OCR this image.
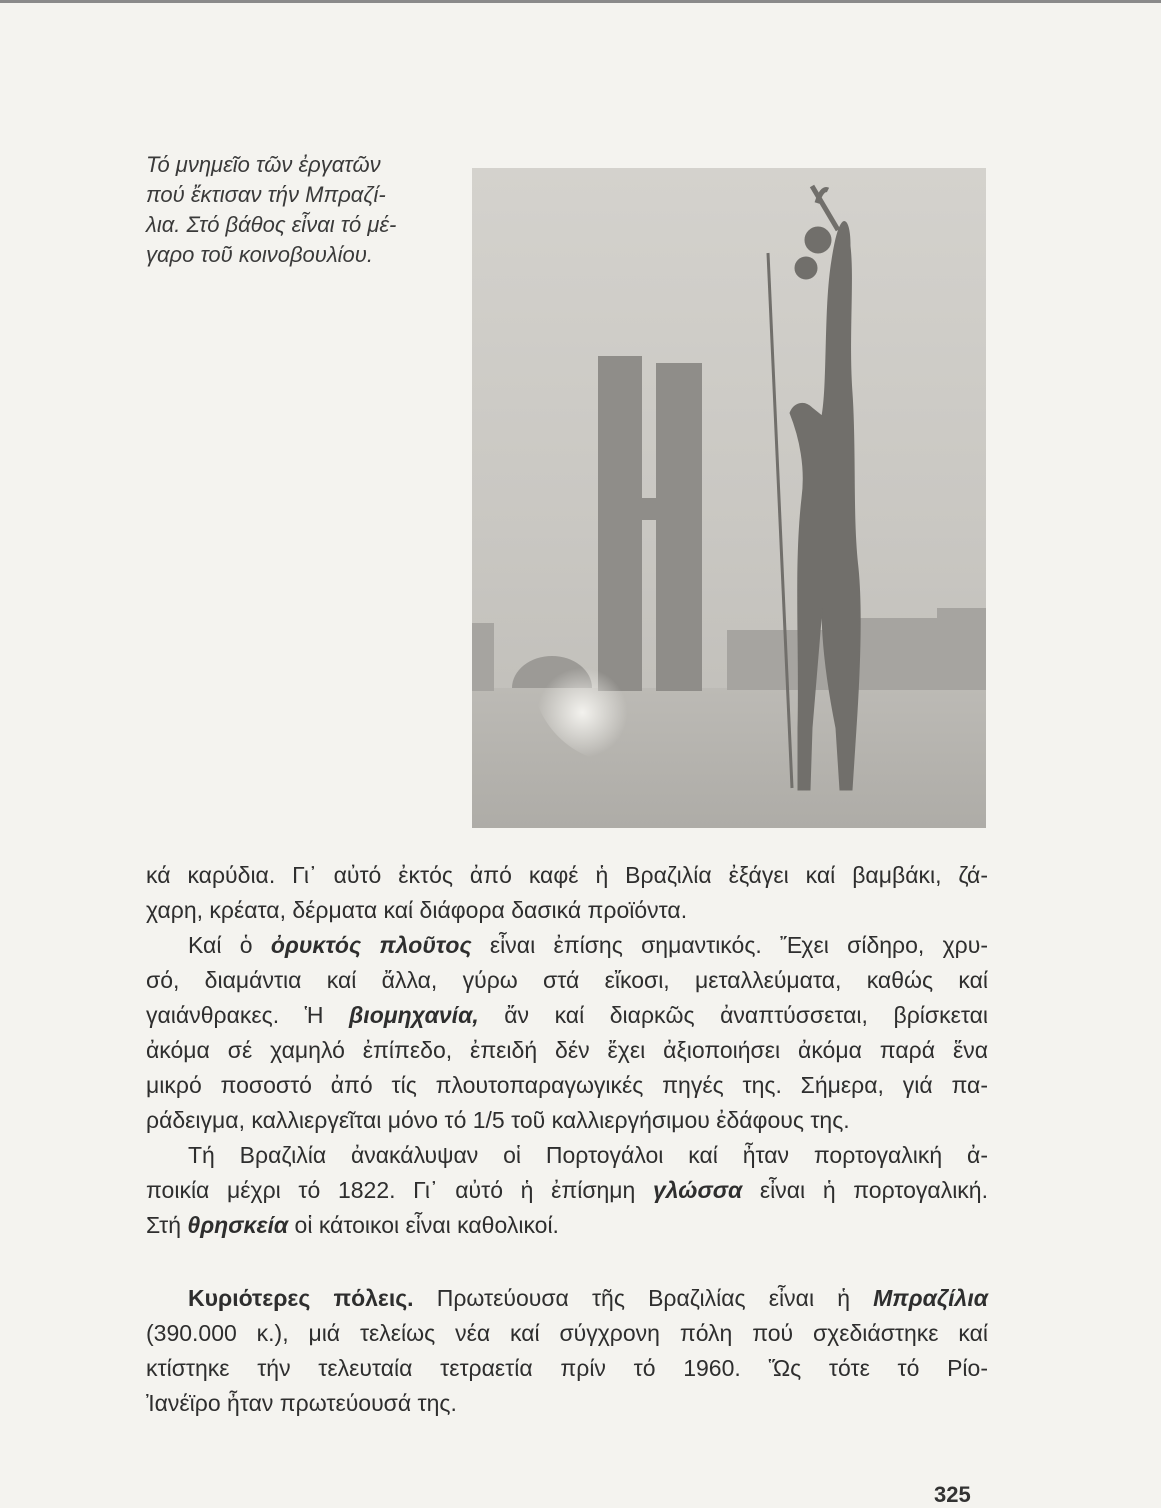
Τό μνημεῖο τῶν ἐργατῶν
πού ἔκτισαν τήν Μπραζί-
λια. Στό βάθος εἶναι τό μέ-
γαρο τοῦ κοινοβουλίου.

κά καρύδια. Γι᾿ αὐτό ἐκτός ἀπό καφέ ἡ Βραζιλία ἐξάγει καί βαμβάκι, ζά-
χαρη, κρέατα, δέρματα καί διάφορα δασικά προϊόντα.

Καί ὁ ὀρυκτός πλοῦτος εἶναι ἐπίσης σημαντικός. Ἔχει σίδηρο, χρυ-
σό, διαμάντια καί ἄλλα, γύρω στά εἴκοσι, μεταλλεύματα, καθώς καί
γαιάνθρακες. Ἡ βιομηχανία, ἄν καί διαρκῶς ἀναπτύσσεται, βρίσκεται
ἀκόμα σέ χαμηλό ἐπίπεδο, ἐπειδή δέν ἔχει ἀξιοποιήσει ἀκόμα παρά ἕνα
μικρό ποσοστό ἀπό τίς πλουτοπαραγωγικές πηγές της. Σήμερα, γιά πα-
ράδειγμα, καλλιεργεῖται μόνο τό 1/5 τοῦ καλλιεργήσιμου ἐδάφους της.

Τή Βραζιλία ἀνακάλυψαν οἱ Πορτογάλοι καί ἦταν πορτογαλική ἀ-
ποικία μέχρι τό 1822. Γι᾿ αὐτό ἡ ἐπίσημη γλώσσα εἶναι ἡ πορτογαλική.
Στή θρησκεία οἱ κάτοικοι εἶναι καθολικοί.

Κυριότερες πόλεις. Πρωτεύουσα τῆς Βραζιλίας εἶναι ἡ Μπραζίλια
(390.000 κ.), μιά τελείως νέα καί σύγχρονη πόλη πού σχεδιάστηκε καί
κτίστηκε τήν τελευταία τετραετία πρίν τό 1960. Ὥς τότε τό Ρίο-
Ἰανέϊρο ἦταν πρωτεύουσά της.

325
